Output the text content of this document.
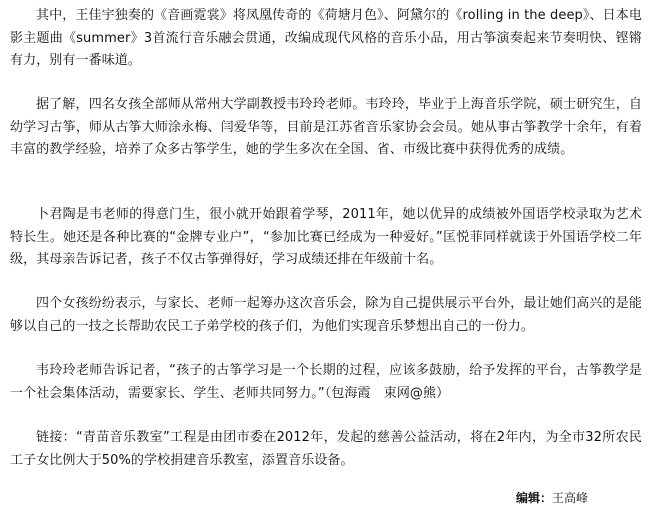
其中，王佳宇独奏的《音画霓裳》将凤凰传奇的《荷塘月色》、阿黛尔的《rolling in the deep》、日本电影主题曲《summer》3首流行音乐融会贯通，改编成现代风格的音乐小品，用古筝演奏起来节奏明快、铿锵有力，别有一番味道。

据了解，四名女孩全部师从常州大学副教授韦玲玲老师。韦玲玲，毕业于上海音乐学院，硕士研究生，自幼学习古筝，师从古筝大师涂永梅、闫爱华等，目前是江苏省音乐家协会会员。她从事古筝教学十余年，有着丰富的教学经验，培养了众多古筝学生，她的学生多次在全国、省、市级比赛中获得优秀的成绩。

卜君陶是韦老师的得意门生，很小就开始跟着学琴，2011年，她以优异的成绩被外国语学校录取为艺术特长生。她还是各种比赛的“金牌专业户”，“参加比赛已经成为一种爱好。”匡悦菲同样就读于外国语学校二年级，其母亲告诉记者，孩子不仅古筝弹得好，学习成绩还排在年级前十名。

四个女孩纷纷表示，与家长、老师一起筹办这次音乐会，除为自己提供展示平台外，最让她们高兴的是能够以自己的一技之长帮助农民工子弟学校的孩子们，为他们实现音乐梦想出自己的一份力。

韦玲玲老师告诉记者，“孩子的古筝学习是一个长期的过程，应该多鼓励，给予发挥的平台，古筝教学是一个社会集体活动，需要家长、学生、老师共同努力。”（包海霞　束网@熊）

链接：“青苗音乐教室”工程是由团市委在2012年，发起的慈善公益活动，将在2年内，为全市32所农民工子女比例大于50%的学校捐建音乐教室，添置音乐设备。

编辑：王高峰
